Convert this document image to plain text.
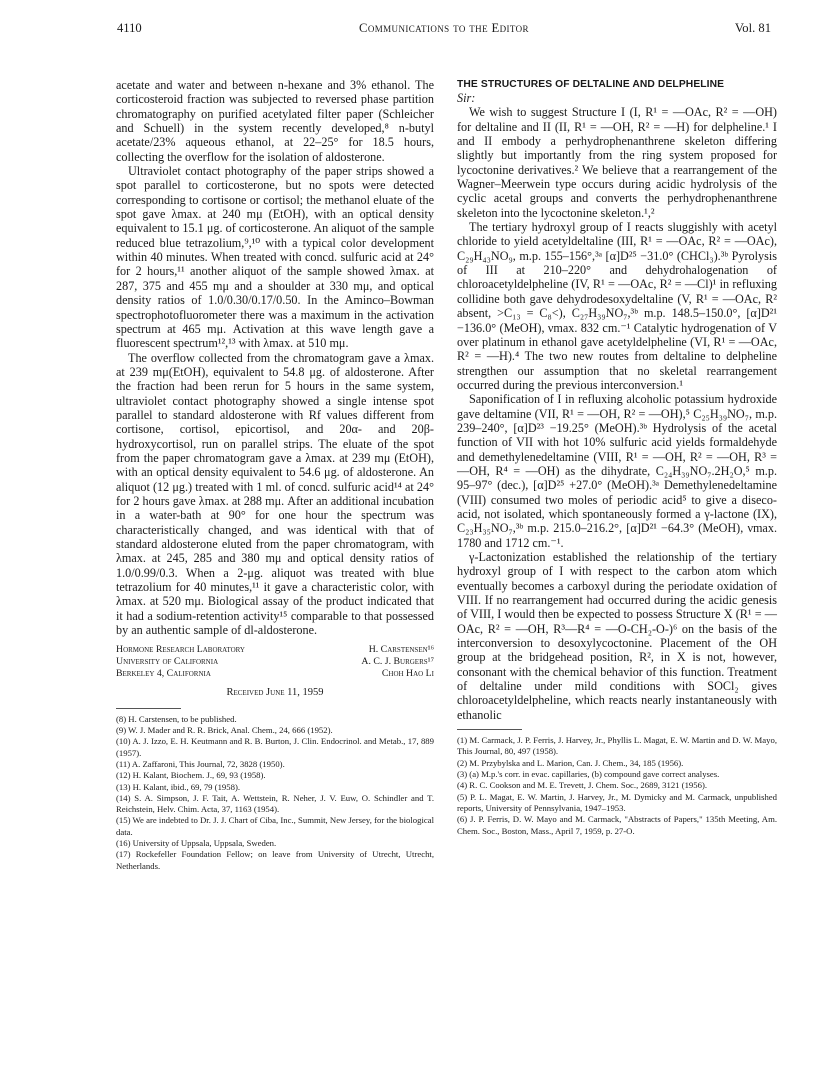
4110	Communications to the Editor	Vol. 81

acetate and water and between n-hexane and 3% ethanol. The corticosteroid fraction was subjected to reversed phase partition chromatography on purified acetylated filter paper (Schleicher and Schuell) in the system recently developed,⁸ n-butyl acetate/23% aqueous ethanol, at 22–25° for 18.5 hours, collecting the overflow for the isolation of aldosterone.

Ultraviolet contact photography of the paper strips showed a spot parallel to corticosterone, but no spots were detected corresponding to cortisone or cortisol; the methanol eluate of the spot gave λmax. at 240 mμ (EtOH), with an optical density equivalent to 15.1 μg. of corticosterone. An aliquot of the sample reduced blue tetrazolium,⁹,¹⁰ with a typical color development within 40 minutes. When treated with concd. sulfuric acid at 24° for 2 hours,¹¹ another aliquot of the sample showed λmax. at 287, 375 and 455 mμ and a shoulder at 330 mμ, and optical density ratios of 1.0/0.30/0.17/0.50. In the Aminco–Bowman spectrophotofluorometer there was a maximum in the activation spectrum at 465 mμ. Activation at this wave length gave a fluorescent spectrum¹²,¹³ with λmax. at 510 mμ.

The overflow collected from the chromatogram gave a λmax. at 239 mμ(EtOH), equivalent to 54.8 μg. of aldosterone. After the fraction had been rerun for 5 hours in the same system, ultraviolet contact photography showed a single intense spot parallel to standard aldosterone with Rf values different from cortisone, cortisol, epicortisol, and 20α- and 20β-hydroxycortisol, run on parallel strips. The eluate of the spot from the paper chromatogram gave a λmax. at 239 mμ (EtOH), with an optical density equivalent to 54.6 μg. of aldosterone. An aliquot (12 μg.) treated with 1 ml. of concd. sulfuric acid¹⁴ at 24° for 2 hours gave λmax. at 288 mμ. After an additional incubation in a water-bath at 90° for one hour the spectrum was characteristically changed, and was identical with that of standard aldosterone eluted from the paper chromatogram, with λmax. at 245, 285 and 380 mμ and optical density ratios of 1.0/0.99/0.3. When a 2-μg. aliquot was treated with blue tetrazolium for 40 minutes,¹¹ it gave a characteristic color, with λmax. at 520 mμ. Biological assay of the product indicated that it had a sodium-retention activity¹⁵ comparable to that possessed by an authentic sample of dl-aldosterone.

Hormone Research Laboratory	H. Carstensen¹⁶
University of California	A. C. J. Burgers¹⁷
Berkeley 4, California	Choh Hao Li
Received June 11, 1959

(8) H. Carstensen, to be published.

(9) W. J. Mader and R. R. Brick, Anal. Chem., 24, 666 (1952).

(10) A. J. Izzo, E. H. Keutmann and R. B. Burton, J. Clin. Endocrinol. and Metab., 17, 889 (1957).

(11) A. Zaffaroni, This Journal, 72, 3828 (1950).

(12) H. Kalant, Biochem. J., 69, 93 (1958).

(13) H. Kalant, ibid., 69, 79 (1958).

(14) S. A. Simpson, J. F. Tait, A. Wettstein, R. Neher, J. V. Euw, O. Schindler and T. Reichstein, Helv. Chim. Acta, 37, 1163 (1954).

(15) We are indebted to Dr. J. J. Chart of Ciba, Inc., Summit, New Jersey, for the biological data.

(16) University of Uppsala, Uppsala, Sweden.

(17) Rockefeller Foundation Fellow; on leave from University of Utrecht, Utrecht, Netherlands.

THE STRUCTURES OF DELTALINE AND DELPHELINE

Sir:

We wish to suggest Structure I (I, R¹ = —OAc, R² = —OH) for deltaline and II (II, R¹ = —OH, R² = —H) for delpheline.¹ I and II embody a perhydrophenanthrene skeleton differing slightly but importantly from the ring system proposed for lycoctonine derivatives.² We believe that a rearrangement of the Wagner–Meerwein type occurs during acidic hydrolysis of the cyclic acetal groups and converts the perhydrophenanthrene skeleton into the lycoctonine skeleton.¹,²

The tertiary hydroxyl group of I reacts sluggishly with acetyl chloride to yield acetyldeltaline (III, R¹ = —OAc, R² = —OAc), C₂₉H₄₃NO₉, m.p. 155–156°,³ᵃ [α]D²⁵ −31.0° (CHCl₃).³ᵇ Pyrolysis of III at 210–220° and dehydrohalogenation of chloroacetyldelpheline (IV, R¹ = —OAc, R² = —Cl)¹ in refluxing collidine both gave dehydrodesoxydeltaline (V, R¹ = —OAc, R² absent, >C₁₃ = C₈<), C₂₇H₃₉NO₇,³ᵇ m.p. 148.5–150.0°, [α]D²¹ −136.0° (MeOH), νmax. 832 cm.⁻¹ Catalytic hydrogenation of V over platinum in ethanol gave acetyldelpheline (VI, R¹ = —OAc, R² = —H).⁴ The two new routes from deltaline to delpheline strengthen our assumption that no skeletal rearrangement occurred during the previous interconversion.¹

Saponification of I in refluxing alcoholic potassium hydroxide gave deltamine (VII, R¹ = —OH, R² = —OH),⁵ C₂₅H₃₉NO₇, m.p. 239–240°, [α]D²³ −19.25° (MeOH).³ᵇ Hydrolysis of the acetal function of VII with hot 10% sulfuric acid yields formaldehyde and demethylenedeltamine (VIII, R¹ = —OH, R² = —OH, R³ = —OH, R⁴ = —OH) as the dihydrate, C₂₄H₃₉NO₇.2H₂O,⁵ m.p. 95–97° (dec.), [α]D²⁵ +27.0° (MeOH).³ᵃ Demethylenedeltamine (VIII) consumed two moles of periodic acid⁵ to give a diseco-acid, not isolated, which spontaneously formed a γ-lactone (IX), C₂₃H₃₅NO₇,³ᵇ m.p. 215.0–216.2°, [α]D²¹ −64.3° (MeOH), νmax. 1780 and 1712 cm.⁻¹.

γ-Lactonization established the relationship of the tertiary hydroxyl group of I with respect to the carbon atom which eventually becomes a carboxyl during the periodate oxidation of VIII. If no rearrangement had occurred during the acidic genesis of VIII, I would then be expected to possess Structure X (R¹ = —OAc, R² = —OH, R³—R⁴ = —O-CH₂-O-)⁶ on the basis of the interconversion to desoxylycoctonine. Placement of the OH group at the bridgehead position, R², in X is not, however, consonant with the chemical behavior of this function. Treatment of deltaline under mild conditions with SOCl₂ gives chloroacetyldelpheline, which reacts nearly instantaneously with ethanolic

(1) M. Carmack, J. P. Ferris, J. Harvey, Jr., Phyllis L. Magat, E. W. Martin and D. W. Mayo, This Journal, 80, 497 (1958).

(2) M. Przybylska and L. Marion, Can. J. Chem., 34, 185 (1956).

(3) (a) M.p.'s corr. in evac. capillaries, (b) compound gave correct analyses.

(4) R. C. Cookson and M. E. Trevett, J. Chem. Soc., 2689, 3121 (1956).

(5) P. L. Magat, E. W. Martin, J. Harvey, Jr., M. Dymicky and M. Carmack, unpublished reports, University of Pennsylvania, 1947–1953.

(6) J. P. Ferris, D. W. Mayo and M. Carmack, "Abstracts of Papers," 135th Meeting, Am. Chem. Soc., Boston, Mass., April 7, 1959, p. 27-O.
